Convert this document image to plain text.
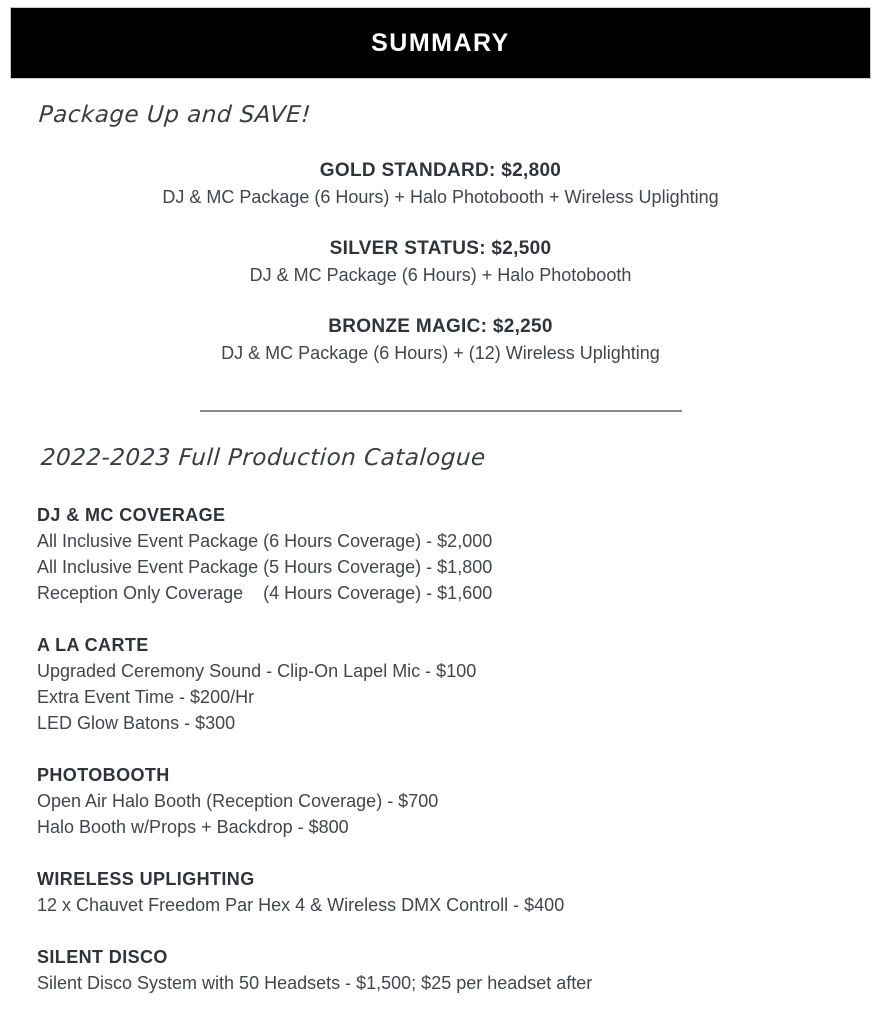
SUMMARY
Package Up and SAVE!
GOLD STANDARD: $2,800
DJ & MC Package (6 Hours) + Halo Photobooth + Wireless Uplighting
SILVER STATUS: $2,500
DJ & MC Package (6 Hours) + Halo Photobooth
BRONZE MAGIC: $2,250
DJ & MC Package (6 Hours) + (12) Wireless Uplighting
2022-2023 Full Production Catalogue
DJ & MC COVERAGE
All Inclusive Event Package (6 Hours Coverage) - $2,000
All Inclusive Event Package (5 Hours Coverage) - $1,800
Reception Only Coverage    (4 Hours Coverage) - $1,600
A LA CARTE
Upgraded Ceremony Sound - Clip-On Lapel Mic - $100
Extra Event Time - $200/Hr
LED Glow Batons - $300
PHOTOBOOTH
Open Air Halo Booth (Reception Coverage) - $700
Halo Booth w/Props + Backdrop - $800
WIRELESS UPLIGHTING
12 x Chauvet Freedom Par Hex 4 & Wireless DMX Controll - $400
SILENT DISCO
Silent Disco System with 50 Headsets - $1,500; $25 per headset after
